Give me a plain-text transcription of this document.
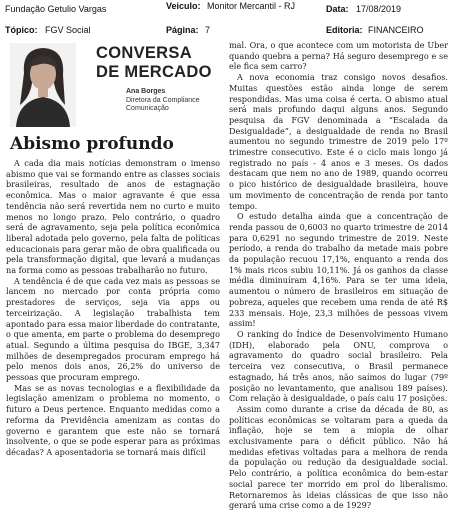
Fundação Getulio Vargas	Veiculo: Monitor Mercantil - RJ	Data: 17/08/2019
Tópico: FGV Social	Página: 7	Editoria: FINANCEIRO
CONVERSA
DE MERCADO
Ana Borges
Diretora da Compliance
Comunicação
Abismo profundo

A cada dia mais notícias demonstram o imenso abismo que vai se formando entre as classes sociais brasileiras, resultado de anos de estagnação econômica. Mas o maior agravante é que essa tendência não será revertida nem no curto e muito menos no longo prazo. Pelo contrário, o quadro será de agravamento, seja pela política econômica liberal adotada pelo governo, pela falta de políticas educacionais para gerar mão de obra qualificada ou pela transformação digital, que levará a mudanças na forma como as pessoas trabalharão no futuro.

A tendência é de que cada vez mais as pessoas se lancem no mercado por conta própria como prestadores de serviços, seja via apps ou terceirização. A legislação trabalhista tem apontado para essa maior liberdade do contratante, o que amenta, em parte o problema do desemprego atual. Segundo a última pesquisa do IBGE, 3,347 milhões de desempregados procuram emprego há pelo menos dois anos, 26,2% do universo de pessoas que procuram emprego.

Mas se as novas tecnologias e a flexibilidade da legislação amenizam o problema no momento, o futuro a Deus pertence. Enquanto medidas como a reforma da Previdência amenizam as contas do governo e garantem que este não se tornará insolvente, o que se pode esperar para as próximas décadas? A aposentadoria se tornará mais difícil

mal. Ora, o que acontece com um motorista de Uber quando quebra a perna? Há seguro desemprego e se ele fica sem carro?

A nova economia traz consigo novos desafios. Muitas questões estão ainda longe de serem respondidas. Mas uma coisa é certa. O abismo atual será mais profundo daqui alguns anos. Segundo pesquisa da FGV denominada a “Escalada da Desigualdade”, a desigualdade de renda no Brasil aumentou no segundo trimestre de 2019 pelo 17º trimestre consecutivo. Este é o ciclo mais longo já registrado no país - 4 anos e 3 meses. Os dados destacam que nem no ano de 1989, quando ocorreu o pico histórico de desigualdade brasileira, houve um movimento de concentração de renda por tanto tempo.

O estudo detalha ainda que a concentração de renda passou de 0,6003 no quarto trimestre de 2014 para 0,6291 no segundo trimestre de 2019. Neste período, a renda do trabalho da metade mais pobre da população recuou 17,1%, enquanto a renda dos 1% mais ricos subiu 10,11%. Já os ganhos da classe média diminuíram 4,16%. Para se ter uma ideia, aumentou o número de brasileiros em situação de pobreza, aqueles que recebem uma renda de até R$ 233 mensais. Hoje, 23,3 milhões de pessoas vivem assim!

O ranking do Índice de Desenvolvimento Humano (IDH), elaborado pela ONU, comprova o agravamento do quadro social brasileiro. Pela terceira vez consecutiva, o Brasil permanece estagnado, há três anos, não saímos do lugar (79º posição no levantamento, que analisou 189 países). Com relação à desigualdade, o país caiu 17 posições.

Assim como durante a crise da década de 80, as políticas econômicas se voltaram para a queda da inflação, hoje se tem a miopia de olhar exclusivamente para o déficit público. Não há medidas efetivas voltadas para a melhora de renda da população ou redução da desigualdade social. Pelo contrário, a política econômica do bem-estar social parece ter morrido em prol do liberalismo. Retornaremos às ideias clássicas de que isso não gerará uma crise como a de 1929?
